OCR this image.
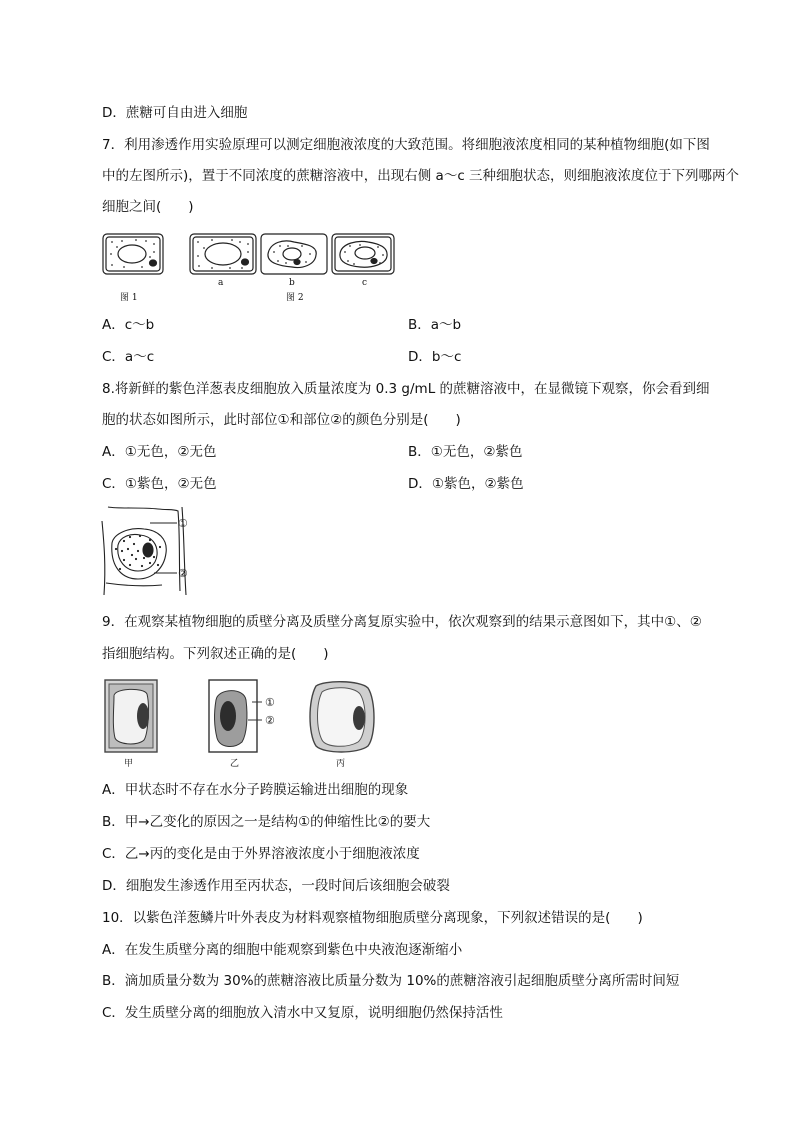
D．蔗糖可自由进入细胞
7．利用渗透作用实验原理可以测定细胞液浓度的大致范围。将细胞液浓度相同的某种植物细胞(如下图
中的左图所示)，置于不同浓度的蔗糖溶液中，出现右侧 a～c 三种细胞状态，则细胞液浓度位于下列哪两个
细胞之间(　　)
图 1
a	b	c
图 2
A．c～b	B．a～b
C．a～c	D．b～c
8.将新鲜的紫色洋葱表皮细胞放入质量浓度为 0.3 g/mL 的蔗糖溶液中，在显微镜下观察，你会看到细
胞的状态如图所示，此时部位①和部位②的颜色分别是(　　)
A．①无色，②无色	B．①无色，②紫色
C．①紫色，②无色	D．①紫色，②紫色
①
②
9．在观察某植物细胞的质壁分离及质壁分离复原实验中，依次观察到的结果示意图如下，其中①、②
指细胞结构。下列叙述正确的是(　　)
①
②
甲	乙	丙
A．甲状态时不存在水分子跨膜运输进出细胞的现象
B．甲→乙变化的原因之一是结构①的伸缩性比②的要大
C．乙→丙的变化是由于外界溶液浓度小于细胞液浓度
D．细胞发生渗透作用至丙状态，一段时间后该细胞会破裂
10．以紫色洋葱鳞片叶外表皮为材料观察植物细胞质壁分离现象，下列叙述错误的是(　　)
A．在发生质壁分离的细胞中能观察到紫色中央液泡逐渐缩小
B．滴加质量分数为 30%的蔗糖溶液比质量分数为 10%的蔗糖溶液引起细胞质壁分离所需时间短
C．发生质壁分离的细胞放入清水中又复原，说明细胞仍然保持活性
